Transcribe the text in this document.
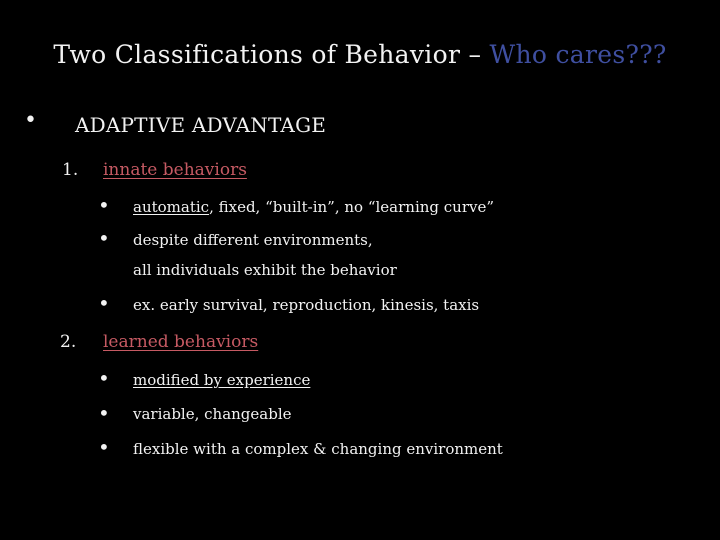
Two Classifications of Behavior – Who cares???
• ADAPTIVE ADVANTAGE
1. innate behaviors
• automatic, fixed, “built-in”, no “learning curve”
• despite different environments,
all individuals exhibit the behavior
• ex. early survival, reproduction, kinesis, taxis
2. learned behaviors
• modified by experience
• variable, changeable
• flexible with a complex & changing environment
